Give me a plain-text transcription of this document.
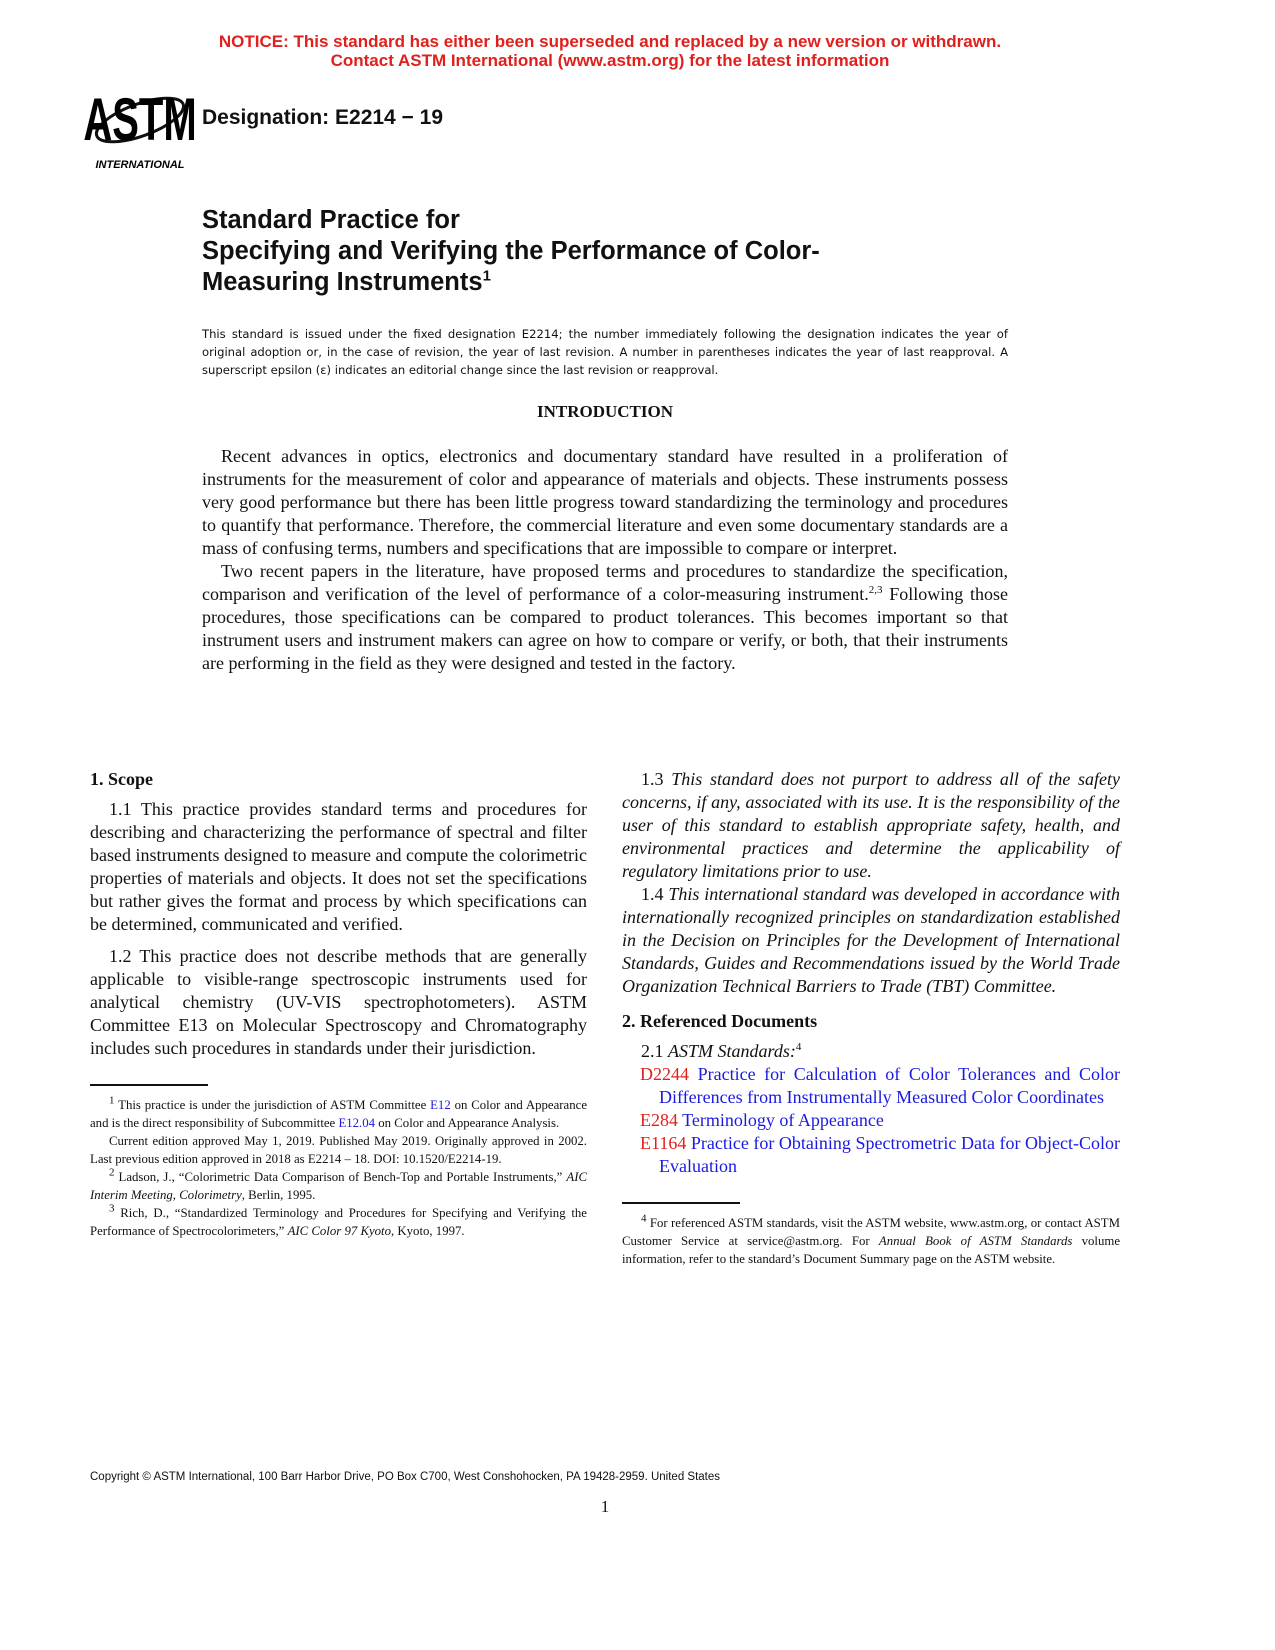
NOTICE: This standard has either been superseded and replaced by a new version or withdrawn.
Contact ASTM International (www.astm.org) for the latest information
ASTM
INTERNATIONAL
Designation: E2214 − 19
Standard Practice for
Specifying and Verifying the Performance of Color-
Measuring Instruments$^1$
This standard is issued under the fixed designation E2214; the number immediately following the designation indicates the year of original adoption or, in the case of revision, the year of last revision. A number in parentheses indicates the year of last reapproval. A superscript epsilon (ε) indicates an editorial change since the last revision or reapproval.
INTRODUCTION

Recent advances in optics, electronics and documentary standard have resulted in a proliferation of instruments for the measurement of color and appearance of materials and objects. These instruments possess very good performance but there has been little progress toward standardizing the terminology and procedures to quantify that performance. Therefore, the commercial literature and even some documentary standards are a mass of confusing terms, numbers and specifications that are impossible to compare or interpret.

Two recent papers in the literature, have proposed terms and procedures to standardize the specification, comparison and verification of the level of performance of a color-measuring instrument.$^{2,3}$ Following those procedures, those specifications can be compared to product tolerances. This becomes important so that instrument users and instrument makers can agree on how to compare or verify, or both, that their instruments are performing in the field as they were designed and tested in the factory.

1. Scope

1.1 This practice provides standard terms and procedures for describing and characterizing the performance of spectral and filter based instruments designed to measure and compute the colorimetric properties of materials and objects. It does not set the specifications but rather gives the format and process by which specifications can be determined, communicated and verified.

1.2 This practice does not describe methods that are generally applicable to visible-range spectroscopic instruments used for analytical chemistry (UV-VIS spectrophotometers). ASTM Committee E13 on Molecular Spectroscopy and Chromatography includes such procedures in standards under their jurisdiction.

$^1$ This practice is under the jurisdiction of ASTM Committee E12 on Color and Appearance and is the direct responsibility of Subcommittee E12.04 on Color and Appearance Analysis.

Current edition approved May 1, 2019. Published May 2019. Originally approved in 2002. Last previous edition approved in 2018 as E2214 – 18. DOI: 10.1520/E2214-19.

$^2$ Ladson, J., “Colorimetric Data Comparison of Bench-Top and Portable Instruments,” AIC Interim Meeting, Colorimetry, Berlin, 1995.

$^3$ Rich, D., “Standardized Terminology and Procedures for Specifying and Verifying the Performance of Spectrocolorimeters,” AIC Color 97 Kyoto, Kyoto, 1997.

1.3 This standard does not purport to address all of the safety concerns, if any, associated with its use. It is the responsibility of the user of this standard to establish appropriate safety, health, and environmental practices and determine the applicability of regulatory limitations prior to use.

1.4 This international standard was developed in accordance with internationally recognized principles on standardization established in the Decision on Principles for the Development of International Standards, Guides and Recommendations issued by the World Trade Organization Technical Barriers to Trade (TBT) Committee.

2. Referenced Documents

2.1 ASTM Standards:$^4$

D2244 Practice for Calculation of Color Tolerances and Color Differences from Instrumentally Measured Color Coordinates
E284 Terminology of Appearance
E1164 Practice for Obtaining Spectrometric Data for Object-Color Evaluation

$^4$ For referenced ASTM standards, visit the ASTM website, www.astm.org, or contact ASTM Customer Service at service@astm.org. For Annual Book of ASTM Standards volume information, refer to the standard’s Document Summary page on the ASTM website.

Copyright © ASTM International, 100 Barr Harbor Drive, PO Box C700, West Conshohocken, PA 19428-2959. United States
1
